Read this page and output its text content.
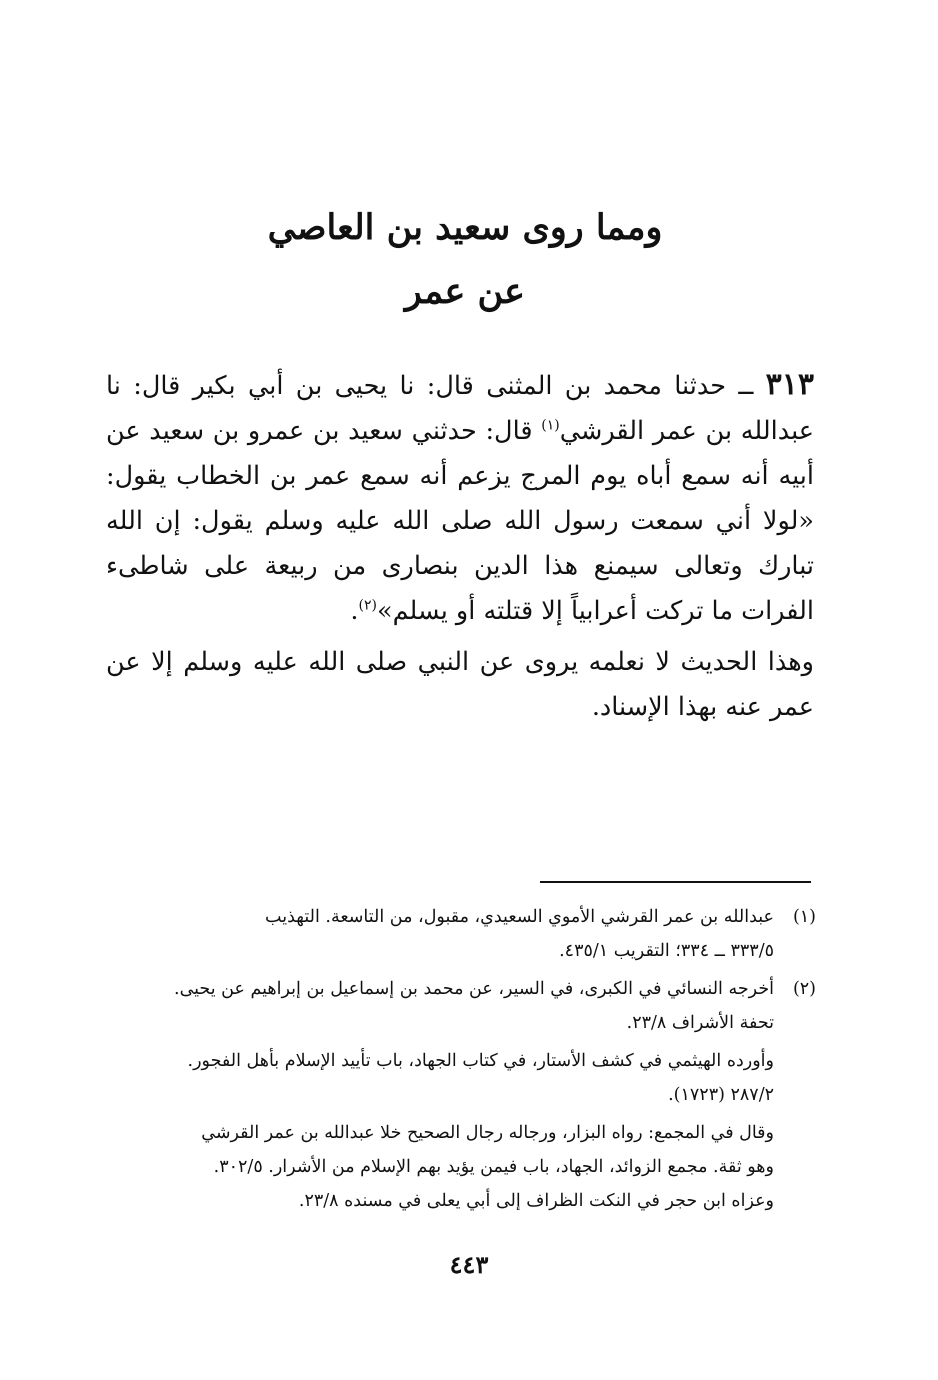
ومما روى سعيد بن العاصي
عن عمر

٣١٣ ــ حدثنا محمد بن المثنى قال: نا يحيى بن أبي بكير قال: نا عبدالله بن عمر القرشي$^{(١)}$ قال: حدثني سعيد بن عمرو بن سعيد عن أبيه أنه سمع أباه يوم المرج يزعم أنه سمع عمر بن الخطاب يقول: «لولا أني سمعت رسول الله صلى الله عليه وسلم يقول: إن الله تبارك وتعالى سيمنع هذا الدين بنصارى من ربيعة على شاطىء الفرات ما تركت أعرابياً إلا قتلته أو يسلم»$^{(٢)}$.

وهذا الحديث لا نعلمه يروى عن النبي صلى الله عليه وسلم إلا عن عمر عنه بهذا الإسناد.

(١)
عبدالله بن عمر القرشي الأموي السعيدي، مقبول، من التاسعة. التهذيب
٣٣٣/٥ ــ ٣٣٤؛ التقريب ٤٣٥/١.
(٢)
أخرجه النسائي في الكبرى، في السير، عن محمد بن إسماعيل بن إبراهيم عن يحيى.
تحفة الأشراف ٢٣/٨.
وأورده الهيثمي في كشف الأستار، في كتاب الجهاد، باب تأييد الإسلام بأهل الفجور.
٢٨٧/٢ (١٧٢٣).
وقال في المجمع: رواه البزار، ورجاله رجال الصحيح خلا عبدالله بن عمر القرشي
وهو ثقة. مجمع الزوائد، الجهاد، باب فيمن يؤيد بهم الإسلام من الأشرار. ٣٠٢/٥.
وعزاه ابن حجر في النكت الظراف إلى أبي يعلى في مسنده ٢٣/٨.
٤٤٣
